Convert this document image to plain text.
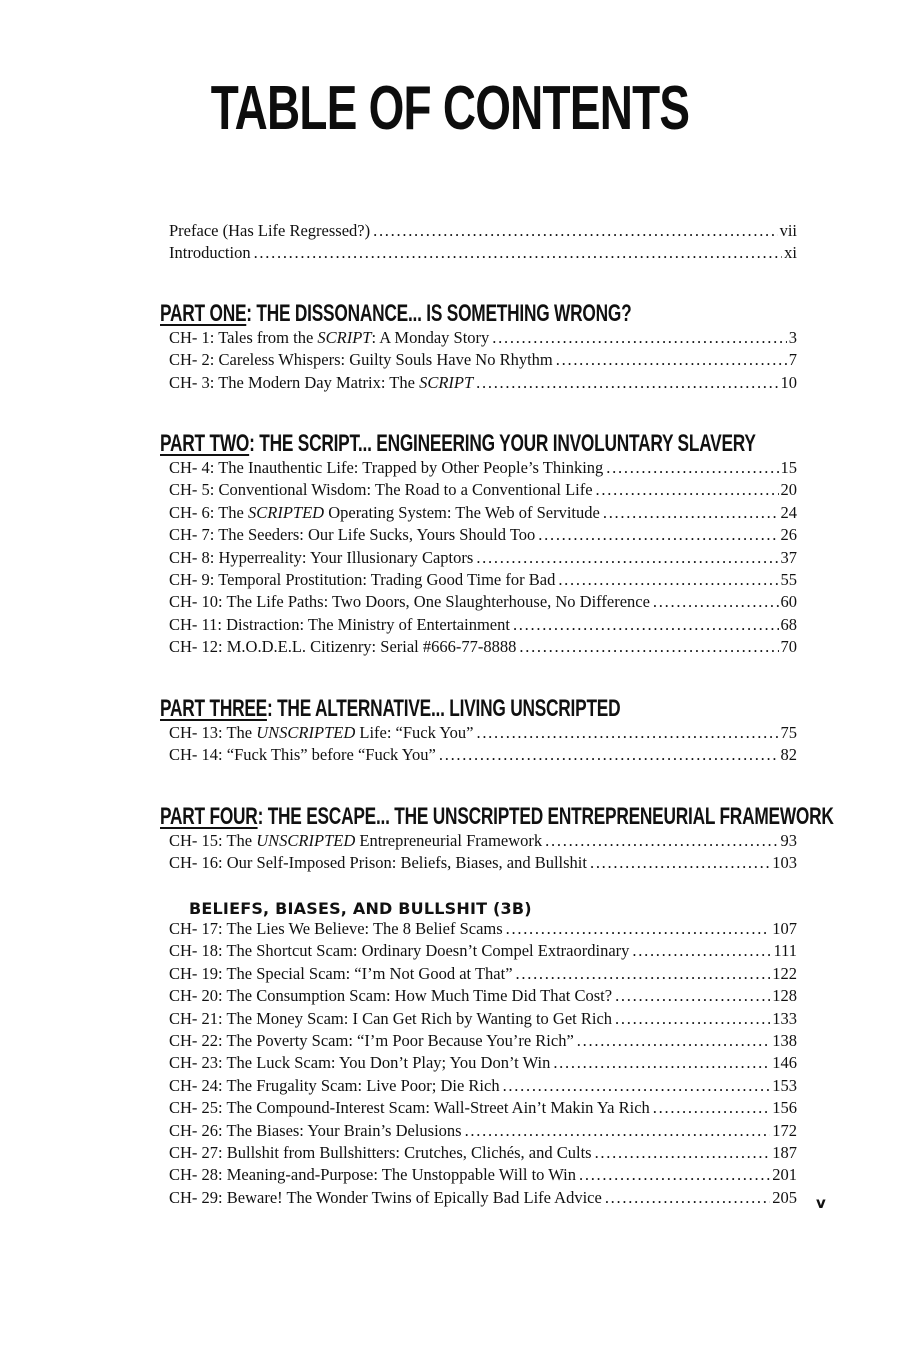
TABLE OF CONTENTS
Preface (Has Life Regressed?) . . .	vii
Introduction . . .	xi
PART ONE: THE DISSONANCE... IS SOMETHING WRONG?
PART TWO: THE SCRIPT... ENGINEERING YOUR INVOLUNTARY SLAVERY
PART THREE: THE ALTERNATIVE... LIVING UNSCRIPTED
PART FOUR: THE ESCAPE... THE UNSCRIPTED ENTREPRENEURIAL FRAMEWORK
BELIEFS, BIASES, AND BULLSHIT (3B)
CH- 1: Tales from the SCRIPT: A Monday Story . . .	3
CH- 2: Careless Whispers: Guilty Souls Have No Rhythm . . .	7
CH- 3: The Modern Day Matrix: The SCRIPT . . .	10
CH- 4: The Inauthentic Life: Trapped by Other People’s Thinking . . .	15
CH- 5: Conventional Wisdom: The Road to a Conventional Life . . .	20
CH- 6: The SCRIPTED Operating System: The Web of Servitude . . .	24
CH- 7: The Seeders: Our Life Sucks, Yours Should Too . . .	26
CH- 8: Hyperreality: Your Illusionary Captors . . .	37
CH- 9: Temporal Prostitution: Trading Good Time for Bad . . .	55
CH- 10: The Life Paths: Two Doors, One Slaughterhouse, No Difference . . .	60
CH- 11: Distraction: The Ministry of Entertainment . . .	68
CH- 12: M.O.D.E.L. Citizenry: Serial #666-77-8888 . . .	70
CH- 13: The UNSCRIPTED Life: “Fuck You” . . .	75
CH- 14: “Fuck This” before “Fuck You” . . .	82
CH- 15: The UNSCRIPTED Entrepreneurial Framework . . .	93
CH- 16: Our Self-Imposed Prison: Beliefs, Biases, and Bullshit . . .	103
CH- 17: The Lies We Believe: The 8 Belief Scams . . .	107
CH- 18: The Shortcut Scam: Ordinary Doesn’t Compel Extraordinary . . .	111
CH- 19: The Special Scam: “I’m Not Good at That” . . .	122
CH- 20: The Consumption Scam: How Much Time Did That Cost? . . .	128
CH- 21: The Money Scam: I Can Get Rich by Wanting to Get Rich . . .	133
CH- 22: The Poverty Scam: “I’m Poor Because You’re Rich” . . .	138
CH- 23: The Luck Scam: You Don’t Play; You Don’t Win . . .	146
CH- 24: The Frugality Scam: Live Poor; Die Rich . . .	153
CH- 25: The Compound-Interest Scam: Wall-Street Ain’t Makin Ya Rich . . .	156
CH- 26: The Biases: Your Brain’s Delusions . . .	172
CH- 27: Bullshit from Bullshitters: Crutches, Clichés, and Cults . . .	187
CH- 28: Meaning-and-Purpose: The Unstoppable Will to Win . . .	201
CH- 29: Beware! The Wonder Twins of Epically Bad Life Advice . . .	205 v
